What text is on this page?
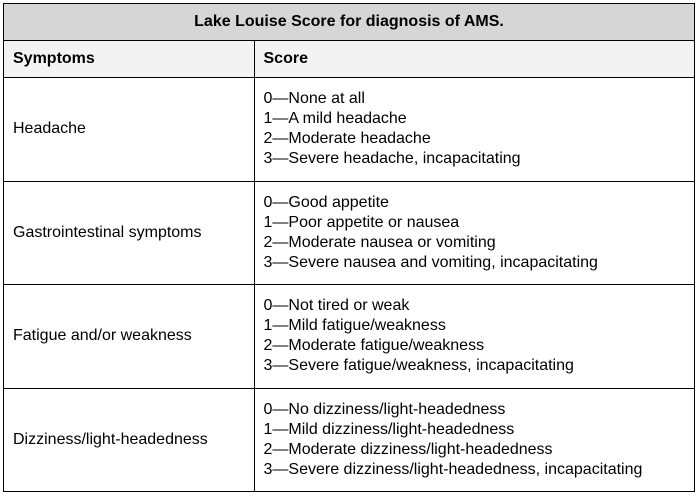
Lake Louise Score for diagnosis of AMS.	
Symptoms	Score
Headache	0—None at all
1—A mild headache
2—Moderate headache
3—Severe headache, incapacitating

Gastrointestinal symptoms	0—Good appetite
1—Poor appetite or nausea
2—Moderate nausea or vomiting
3—Severe nausea and vomiting, incapacitating

Fatigue and/or weakness	0—Not tired or weak
1—Mild fatigue/weakness
2—Moderate fatigue/weakness
3—Severe fatigue/weakness, incapacitating

Dizziness/light-headedness	0—No dizziness/light-headedness
1—Mild dizziness/light-headedness
2—Moderate dizziness/light-headedness
3—Severe dizziness/light-headedness, incapacitating
